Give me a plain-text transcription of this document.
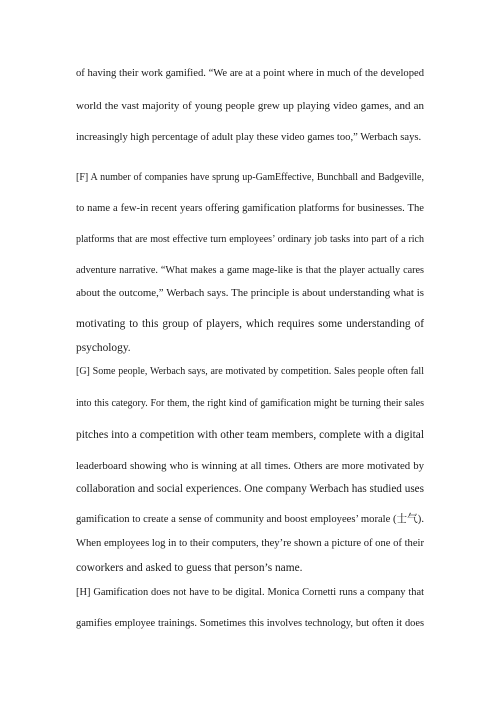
of having their work gamified. “We are at a point where in much of the developed
world the vast majority of young people grew up playing video games, and an
increasingly high percentage of adult play these video games too,” Werbach says.
[F] A number of companies have sprung up-GamEffective, Bunchball and Badgeville,
to name a few-in recent years offering gamification platforms for businesses. The
platforms that are most effective turn employees’ ordinary job tasks into part of a rich
adventure narrative. “What makes a game mage-like is that the player actually cares
about the outcome,” Werbach says. The principle is about understanding what is
motivating to this group of players, which requires some understanding of
psychology.
[G] Some people, Werbach says, are motivated by competition. Sales people often fall
into this category. For them, the right kind of gamification might be turning their sales
pitches into a competition with other team members, complete with a digital
leaderboard showing who is winning at all times. Others are more motivated by
collaboration and social experiences. One company Werbach has studied uses
gamification to create a sense of community and boost employees’ morale (士气).
When employees log in to their computers, they’re shown a picture of one of their
coworkers and asked to guess that person’s name.
[H] Gamification does not have to be digital. Monica Cornetti runs a company that
gamifies employee trainings. Sometimes this involves technology, but often it does
